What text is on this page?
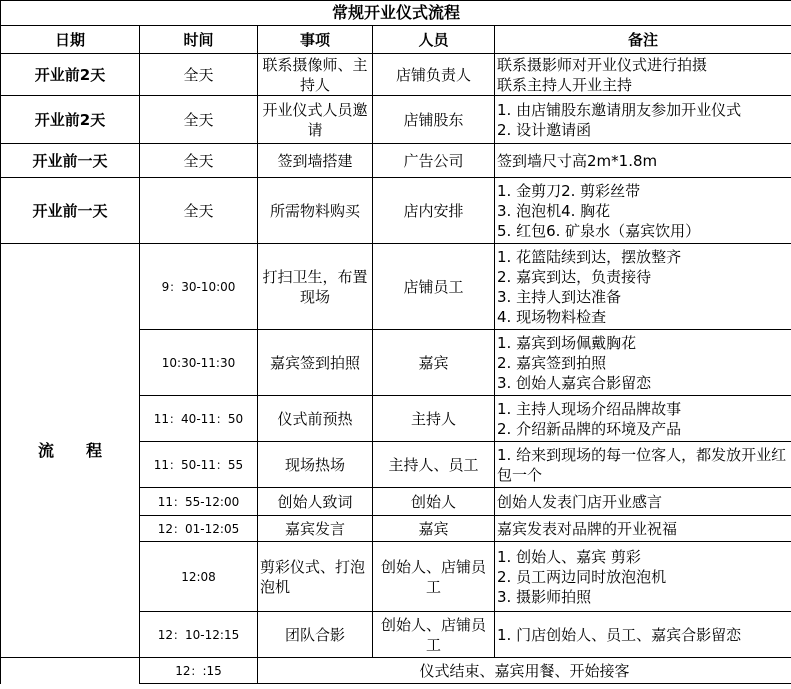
常规开业仪式流程				
日期	时间	事项	人员	备注
开业前2天	全天	联系摄像师、主持人	店铺负责人	联系摄影师对开业仪式进行拍摄
联系主持人开业主持

开业前2天	全天	开业仪式人员邀请	店铺股东	1. 由店铺股东邀请朋友参加开业仪式
2. 设计邀请函

开业前一天	全天	签到墙搭建	广告公司	签到墙尺寸高2m*1.8m

开业前一天	全天	所需物料购买	店内安排	1. 金剪刀2. 剪彩丝带
3. 泡泡机4. 胸花
5. 红包6. 矿泉水（嘉宾饮用）

流　　程	9：30-10:00	打扫卫生，布置现场	店铺员工	1. 花篮陆续到达，摆放整齐
2. 嘉宾到达，负责接待
3. 主持人到达准备
4. 现场物料检查

	10:30-11:30	嘉宾签到拍照	嘉宾	1. 嘉宾到场佩戴胸花
2. 嘉宾签到拍照
3. 创始人嘉宾合影留恋

	11：40-11：50	仪式前预热	主持人	1. 主持人现场介绍品牌故事
2. 介绍新品牌的环境及产品

	11：50-11：55	现场热场	主持人、员工	1. 给来到现场的每一位客人，都发放开业红包一个

	11：55-12:00	创始人致词	创始人	创始人发表门店开业感言

	12：01-12:05	嘉宾发言	嘉宾	嘉宾发表对品牌的开业祝福

	12:08	剪彩仪式、打泡泡机	创始人、店铺员工	1. 创始人、嘉宾 剪彩
2. 员工两边同时放泡泡机
3. 摄影师拍照

	12：10-12:15	团队合影	创始人、店铺员工	1. 门店创始人、员工、嘉宾合影留恋

	12：:15	仪式结束、嘉宾用餐、开始接客		
